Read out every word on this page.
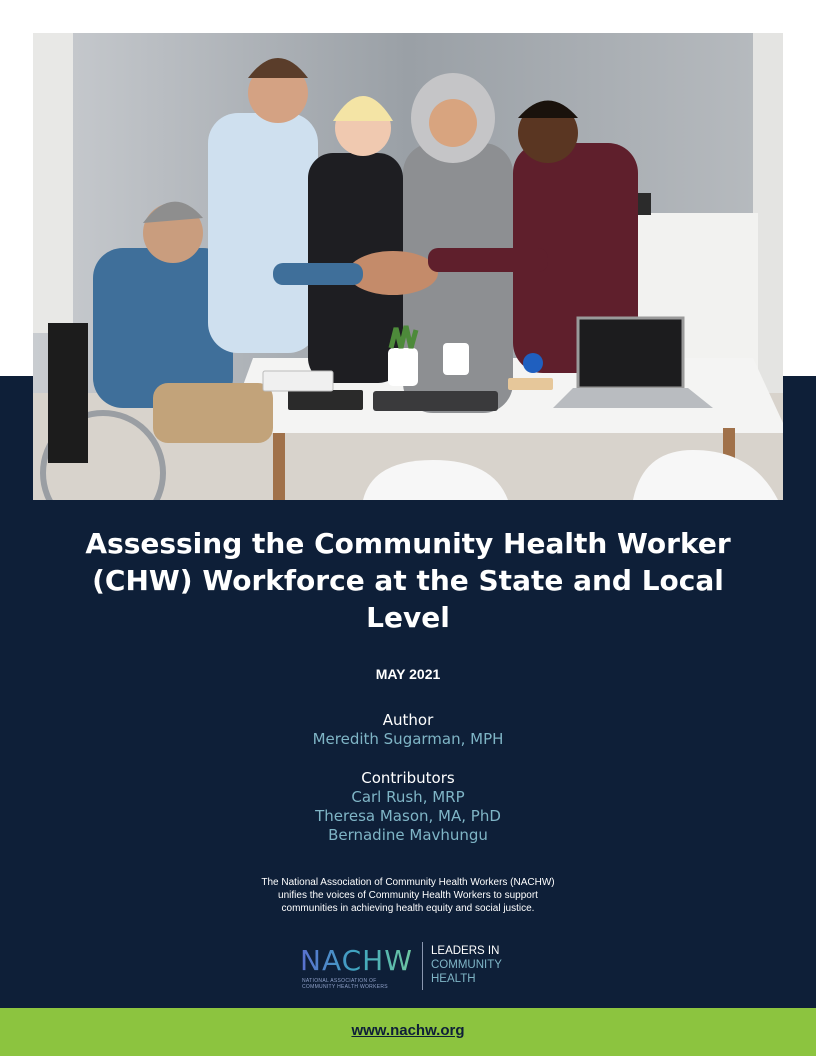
Assessing the Community Health Worker (CHW) Workforce at the State and Local Level
MAY 2021
Author
Meredith Sugarman, MPH
Contributors
Carl Rush, MRP
Theresa Mason, MA, PhD
Bernadine Mavhungu
The National Association of Community Health Workers (NACHW)
unifies the voices of Community Health Workers to support
communities in achieving health equity and social justice.
NACHW
NATIONAL ASSOCIATION OF
COMMUNITY HEALTH WORKERS
LEADERS IN
COMMUNITY
HEALTH
www.nachw.org
